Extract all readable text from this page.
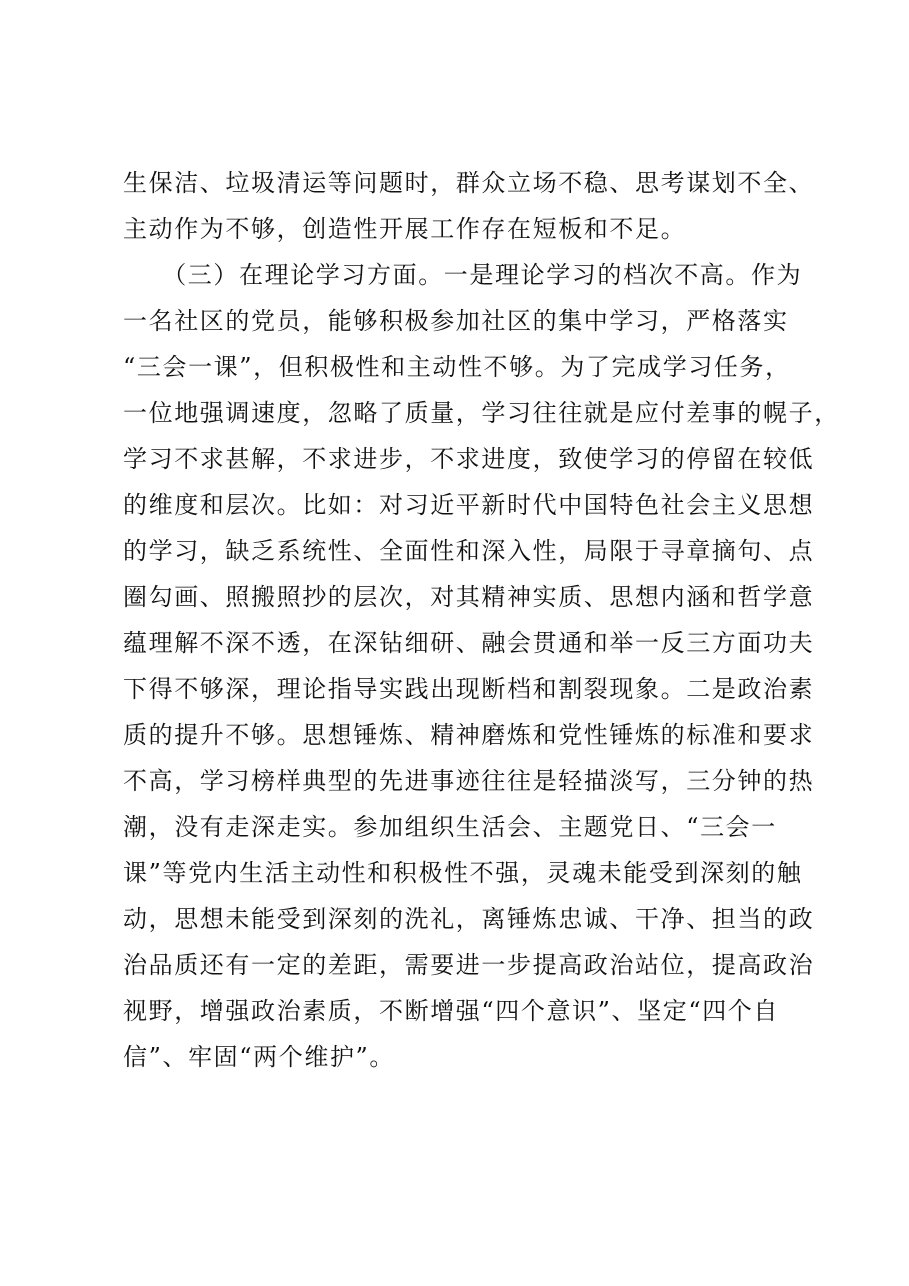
生保洁、垃圾清运等问题时，群众立场不稳、思考谋划不全、
主动作为不够，创造性开展工作存在短板和不足。
　　（三）在理论学习方面。一是理论学习的档次不高。作为
一名社区的党员，能够积极参加社区的集中学习，严格落实
“三会一课”，但积极性和主动性不够。为了完成学习任务，
一位地强调速度，忽略了质量，学习往往就是应付差事的幌子，
学习不求甚解，不求进步，不求进度，致使学习的停留在较低
的维度和层次。比如：对习近平新时代中国特色社会主义思想
的学习，缺乏系统性、全面性和深入性，局限于寻章摘句、点
圈勾画、照搬照抄的层次，对其精神实质、思想内涵和哲学意
蕴理解不深不透，在深钻细研、融会贯通和举一反三方面功夫
下得不够深，理论指导实践出现断档和割裂现象。二是政治素
质的提升不够。思想锤炼、精神磨炼和党性锤炼的标准和要求
不高，学习榜样典型的先进事迹往往是轻描淡写，三分钟的热
潮，没有走深走实。参加组织生活会、主题党日、“三会一
课”等党内生活主动性和积极性不强，灵魂未能受到深刻的触
动，思想未能受到深刻的洗礼，离锤炼忠诚、干净、担当的政
治品质还有一定的差距，需要进一步提高政治站位，提高政治
视野，增强政治素质，不断增强“四个意识”、坚定“四个自
信”、牢固“两个维护”。
